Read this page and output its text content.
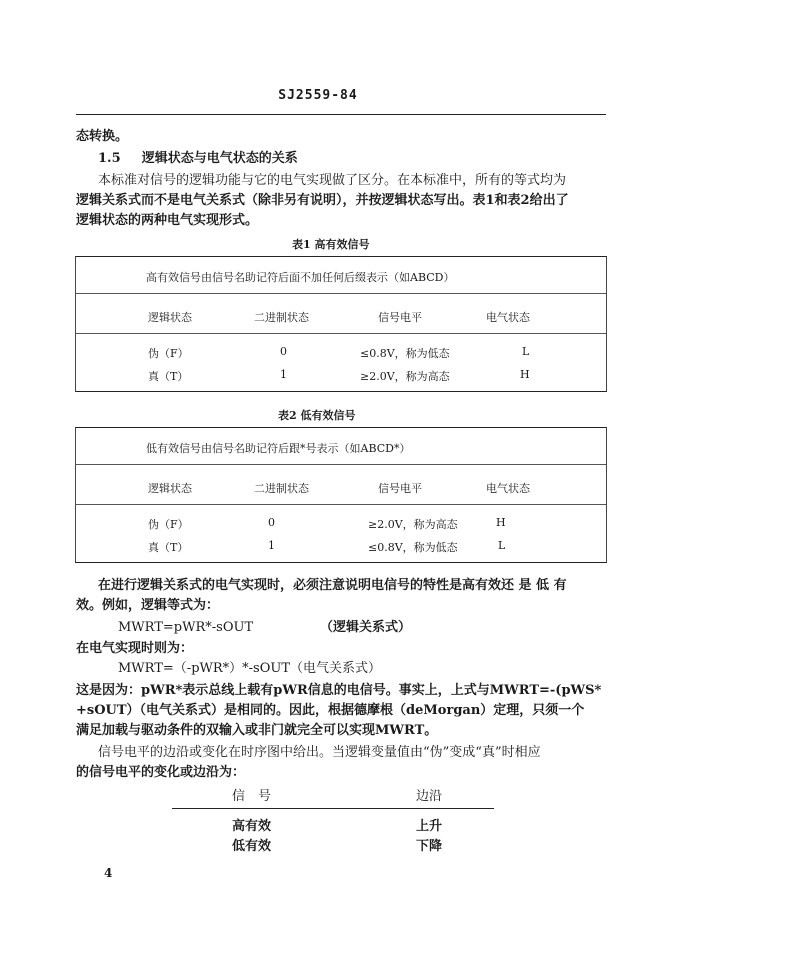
SJ2559-84
态转换。
1.5 逻辑状态与电气状态的关系
本标准对信号的逻辑功能与它的电气实现做了区分。在本标准中，所有的等式均为
逻辑关系式而不是电气关系式（除非另有说明），并按逻辑状态写出。表1和表2给出了
逻辑状态的两种电气实现形式。
表1 高有效信号
高有效信号由信号名助记符后面不加任何后缀表示（如ABCD）
逻辑状态	二进制状态	信号电平	电气状态
伪（F）	0	≤0.8V，称为低态	L
真（T）	1	≥2.0V，称为高态	H
表2 低有效信号
低有效信号由信号名助记符后跟*号表示（如ABCD*）
逻辑状态	二进制状态	信号电平	电气状态
伪（F）	0	≥2.0V，称为高态	H
真（T）	1	≤0.8V，称为低态	L
在进行逻辑关系式的电气实现时，必须注意说明电信号的特性是高有效还 是 低 有
效。例如，逻辑等式为：
MWRT=pWR*-sOUT	（逻辑关系式）
在电气实现时则为：
MWRT=（-pWR*）*-sOUT（电气关系式）
这是因为：pWR*表示总线上载有pWR信息的电信号。事实上，上式与MWRT=-(pWS*
+sOUT）（电气关系式）是相同的。因此，根据德摩根（deMorgan）定理，只须一个
满足加载与驱动条件的双输入或非门就完全可以实现MWRT。
信号电平的边沿或变化在时序图中给出。当逻辑变量值由“伪”变成“真”时相应
的信号电平的变化或边沿为：
信　号	边沿
高有效	上升
低有效	下降
4
